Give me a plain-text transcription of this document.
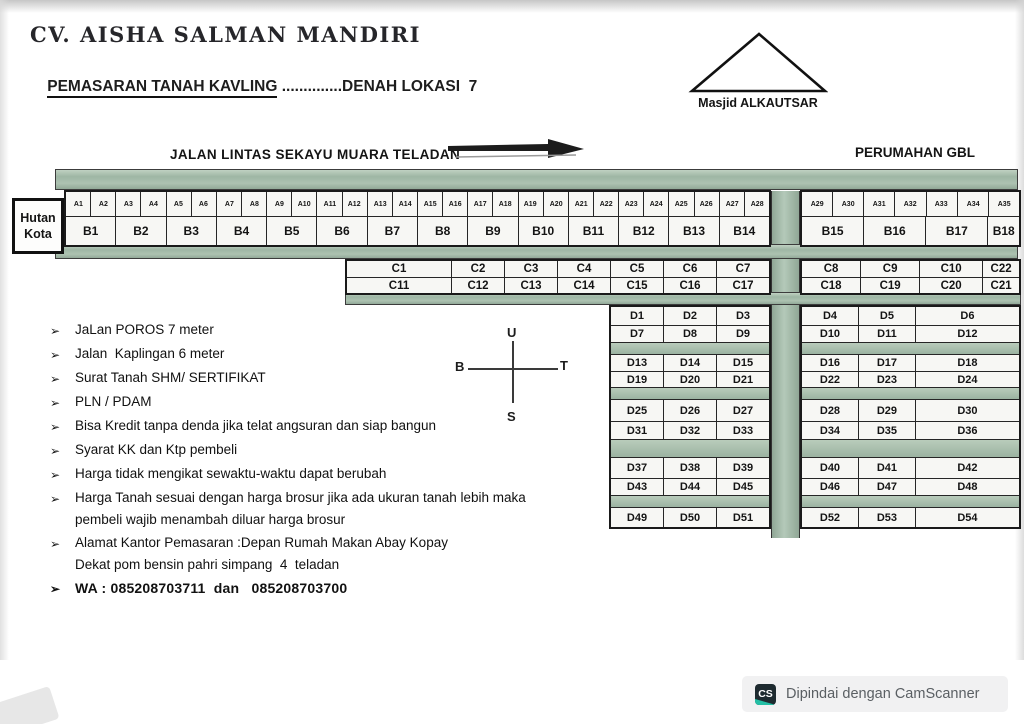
CV. AISHA SALMAN MANDIRI

PEMASARAN TANAH KAVLING ..............DENAH LOKASI  7

Masjid ALKAUTSAR
JALAN LINTAS SEKAYU MUARA TELADAN	PERUMAHAN GBL
Hutan
Kota
A1 A2 A3 A4 A5 A6 A7 A8 A9 A10 A11 A12 A13 A14 A15 A16 A17 A18 A19 A20 A21 A22 A23 A24 A25 A26 A27 A28
B1	B2	B3	B4	B5	B6	B7	B8	B9	B10 B11 B12 B13 B14
A29 A30 A31 A32 A33 A34 A35
B15	B16	B17 B18
C1	C2	C3	C4	C5	C6	C7
C11	C12	C13	C14	C15	C16	C17
C8	C9	C10	C22
C18	C19	C20	C21
D1	D2	D3
D7	D8	D9
D13	D14	D15
D19	D20	D21
D25	D26	D27
D31	D32	D33
D37	D38	D39
D43	D44	D45
D49	D50	D51
D4	D5	D6
D10	D11	D12
D16	D17	D18
D22	D23	D24
D28	D29	D30
D34	D35	D36
D40	D41	D42
D46	D47	D48
D52	D53	D54
U
S
B	T
➢	JaLan POROS 7 meter
➢	Jalan  Kaplingan 6 meter
➢	Surat Tanah SHM/ SERTIFIKAT
➢	PLN / PDAM
➢	Bisa Kredit tanpa denda jika telat angsuran dan siap bangun
➢	Syarat KK dan Ktp pembeli
➢	Harga tidak mengikat sewaktu-waktu dapat berubah
➢	Harga Tanah sesuai dengan harga brosur jika ada ukuran tanah lebih maka
pembeli wajib menambah diluar harga brosur
➢	Alamat Kantor Pemasaran :Depan Rumah Makan Abay Kopay
Dekat pom bensin pahri simpang  4  teladan
➢	WA : 085208703711  dan   085208703700
CS Dipindai dengan CamScanner
